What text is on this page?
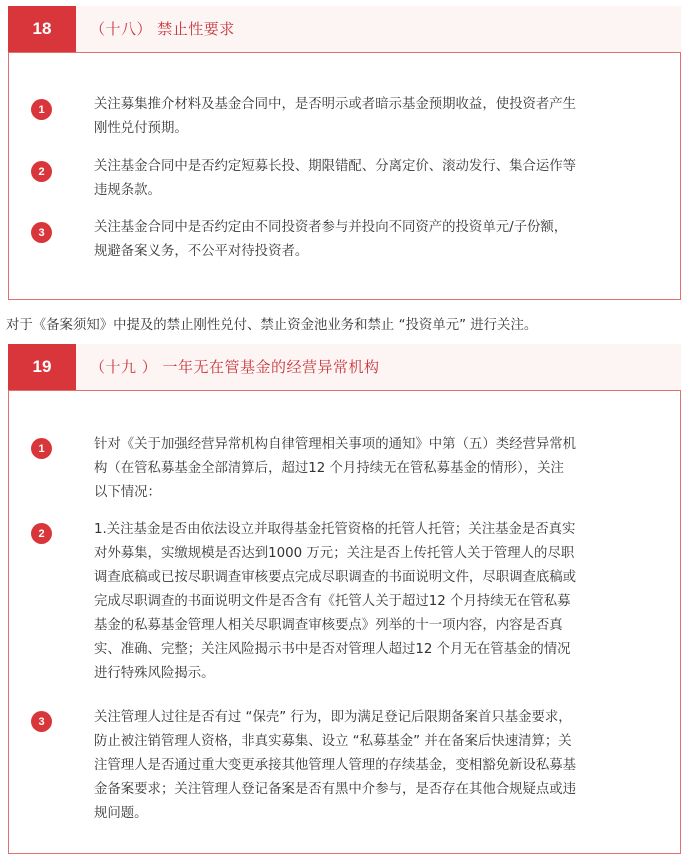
18	（十八） 禁止性要求
1	关注募集推介材料及基金合同中，是否明示或者暗示基金预期收益，使投资者产生
刚性兑付预期。
2	关注基金合同中是否约定短募长投、期限错配、分离定价、滚动发行、集合运作等
违规条款。
3	关注基金合同中是否约定由不同投资者参与并投向不同资产的投资单元/子份额，
规避备案义务，不公平对待投资者。
对于《备案须知》中提及的禁止刚性兑付、禁止资金池业务和禁止 “投资单元” 进行关注。
19	（十九 ） 一年无在管基金的经营异常机构
1	针对《关于加强经营异常机构自律管理相关事项的通知》中第（五）类经营异常机
构（在管私募基金全部清算后，超过12 个月持续无在管私募基金的情形），关注
以下情况：
2	1.关注基金是否由依法设立并取得基金托管资格的托管人托管；关注基金是否真实
对外募集，实缴规模是否达到1000 万元；关注是否上传托管人关于管理人的尽职
调查底稿或已按尽职调查审核要点完成尽职调查的书面说明文件，尽职调查底稿或
完成尽职调查的书面说明文件是否含有《托管人关于超过12 个月持续无在管私募
基金的私募基金管理人相关尽职调查审核要点》列举的十一项内容，内容是否真
实、准确、完整；关注风险揭示书中是否对管理人超过12 个月无在管基金的情况
进行特殊风险揭示。
3	关注管理人过往是否有过 “保壳” 行为，即为满足登记后限期备案首只基金要求，
防止被注销管理人资格，非真实募集、设立 “私募基金” 并在备案后快速清算；关
注管理人是否通过重大变更承接其他管理人管理的存续基金，变相豁免新设私募基
金备案要求；关注管理人登记备案是否有黑中介参与，是否存在其他合规疑点或违
规问题。
